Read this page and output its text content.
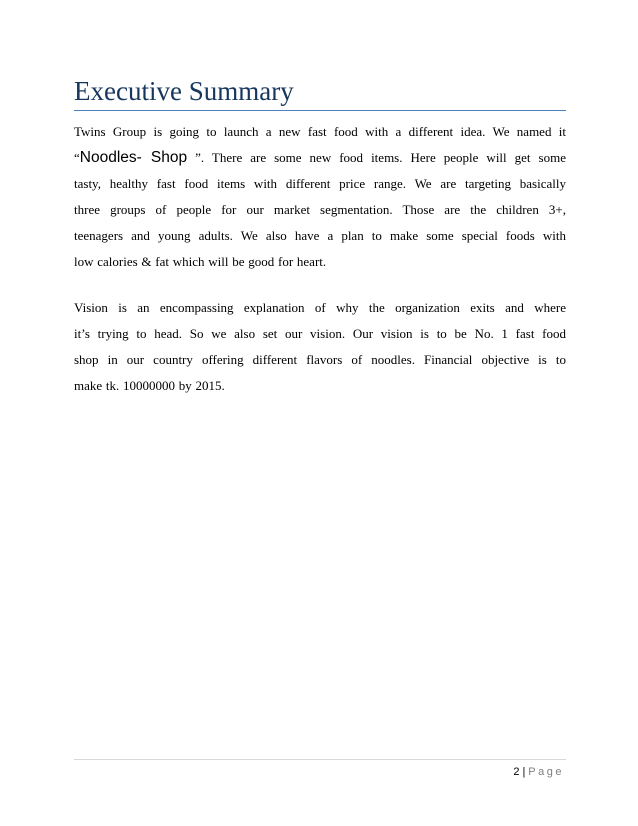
Executive Summary
Twins Group is going to launch a new fast food with a different idea. We named it
“Noodles- Shop ”. There are some new food items. Here people will get some
tasty, healthy fast food items with different price range. We are targeting basically
three groups of people for our market segmentation. Those are the children 3+,
teenagers and young adults. We also have a plan to make some special foods with
low calories & fat which will be good for heart.
Vision is an encompassing explanation of why the organization exits and where
it’s trying to head. So we also set our vision. Our vision is to be No. 1 fast food
shop in our country offering different flavors of noodles. Financial objective is to
make tk. 10000000 by 2015.
2 | Page
